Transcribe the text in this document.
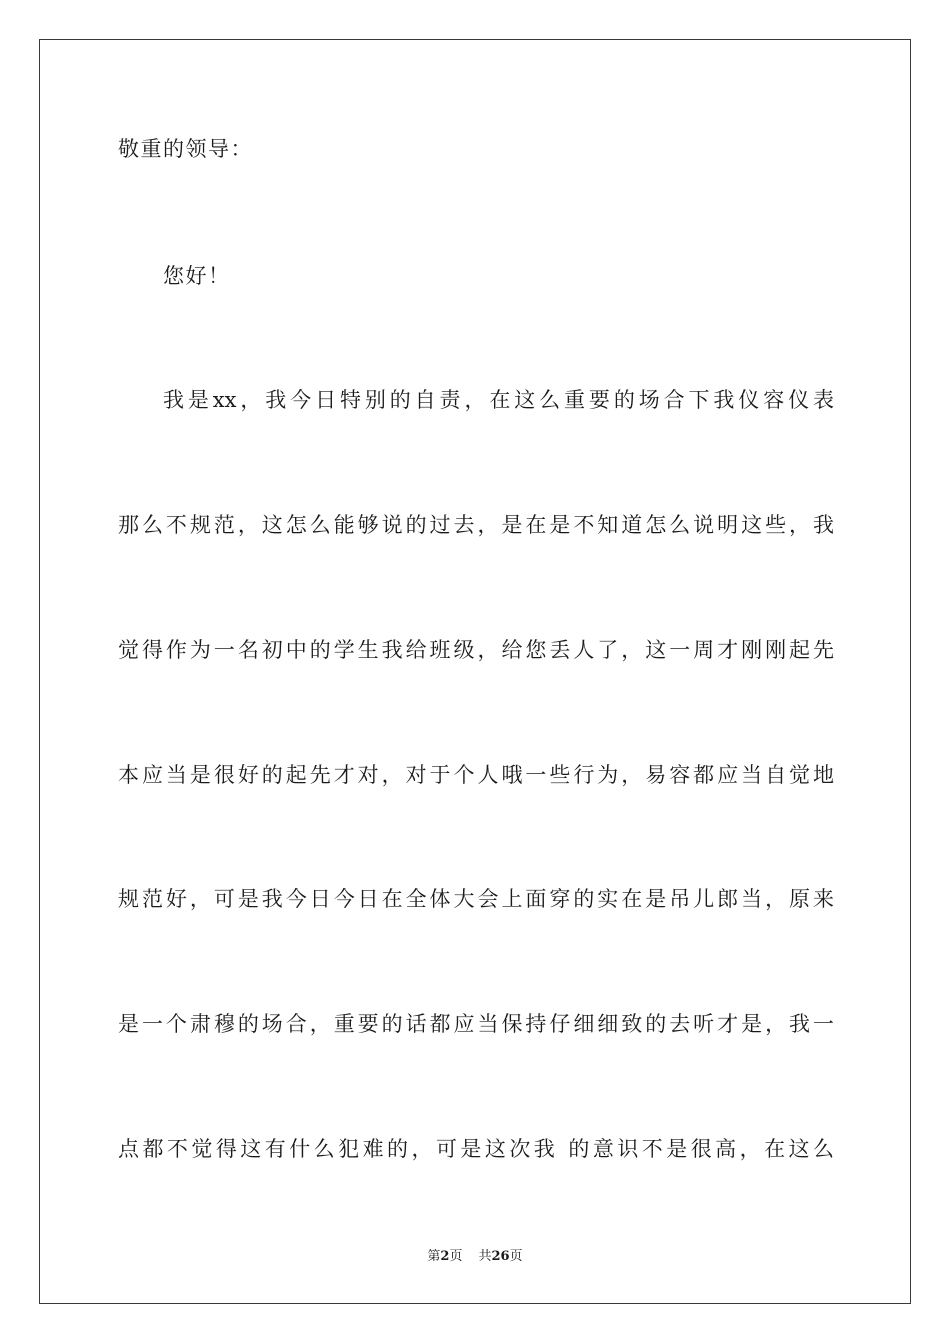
敬重的领导：
您好！
我是xx，我今日特别的自责，在这么重要的场合下我仪容仪表
那么不规范，这怎么能够说的过去，是在是不知道怎么说明这些，我
觉得作为一名初中的学生我给班级，给您丢人了，这一周才刚刚起先
本应当是很好的起先才对，对于个人哦一些行为，易容都应当自觉地
规范好，可是我今日今日在全体大会上面穿的实在是吊儿郎当，原来
是一个肃穆的场合，重要的话都应当保持仔细细致的去听才是，我一
点都不觉得这有什么犯难的，可是这次我 的意识不是很高，在这么
第2页 共26页
